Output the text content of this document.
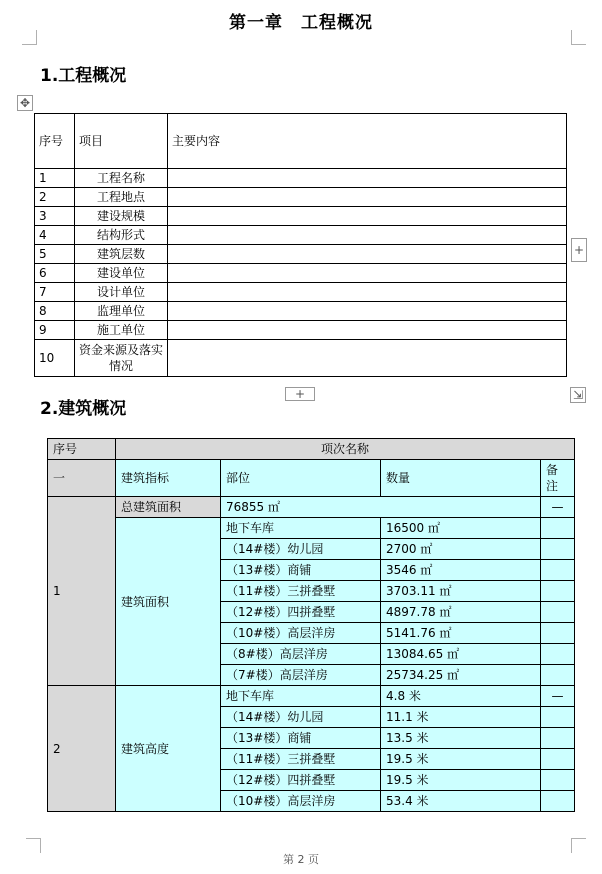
第一章　工程概况
1.工程概况
✥
序号	项目	主要内容
1	工程名称	
2	工程地点	
3	建设规模	
4	结构形式	
5	建筑层数	
6	建设单位	
7	设计单位	
8	监理单位	
9	施工单位	
10	资金来源及落实情况	
+
+	⇲
2.建筑概况
序号	项次名称			
一	建筑指标	部位	数量	备注
1	总建筑面积	76855 ㎡		—
	建筑面积	地下车库	16500 ㎡	
		（14#楼）幼儿园	2700 ㎡	
		（13#楼）商铺	3546 ㎡	
		（11#楼）三拼叠墅	3703.11 ㎡	
		（12#楼）四拼叠墅	4897.78 ㎡	
		（10#楼）高层洋房	5141.76 ㎡	
		（8#楼）高层洋房	13084.65 ㎡	
		（7#楼）高层洋房	25734.25 ㎡	
2	建筑高度	地下车库	4.8 米	—
		（14#楼）幼儿园	11.1 米	
		（13#楼）商铺	13.5 米	
		（11#楼）三拼叠墅	19.5 米	
		（12#楼）四拼叠墅	19.5 米	
		（10#楼）高层洋房	53.4 米	
第 2 页
